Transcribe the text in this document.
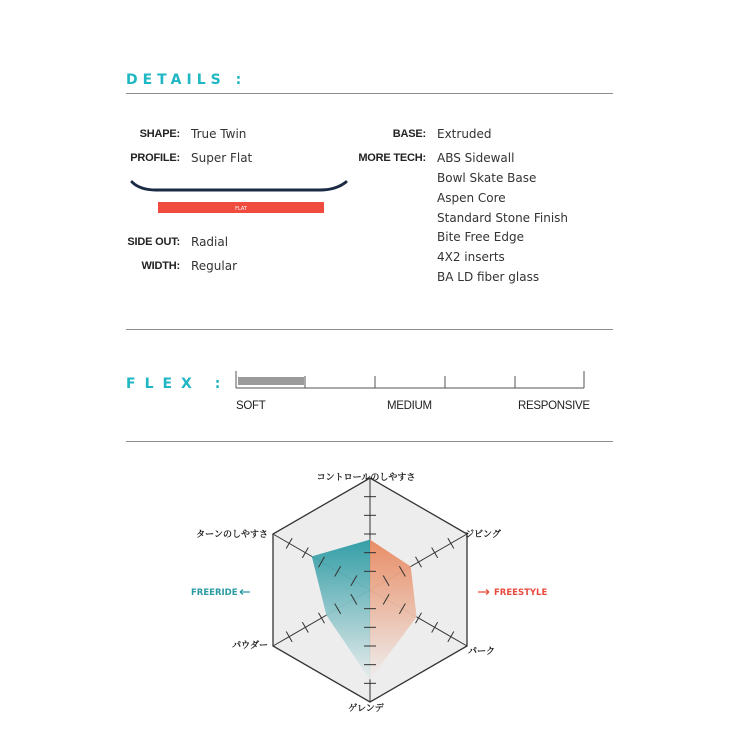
DETAILS :
SHAPE: True Twin
PROFILE: Super Flat
FLAT
SIDE OUT: Radial
WIDTH: Regular
BASE: Extruded
MORE TECH: ABS Sidewall
Bowl Skate Base
Aspen Core
Standard Stone Finish
Bite Free Edge
4X2 inserts
BA LD fiber glass
FLEX :
SOFT	MEDIUM	RESPONSIVE
コントロールのしやすさ
ジビング
パーク
ゲレンデ
パウダー
ターンのしやすさ
FREERIDE	FREESTYLE
